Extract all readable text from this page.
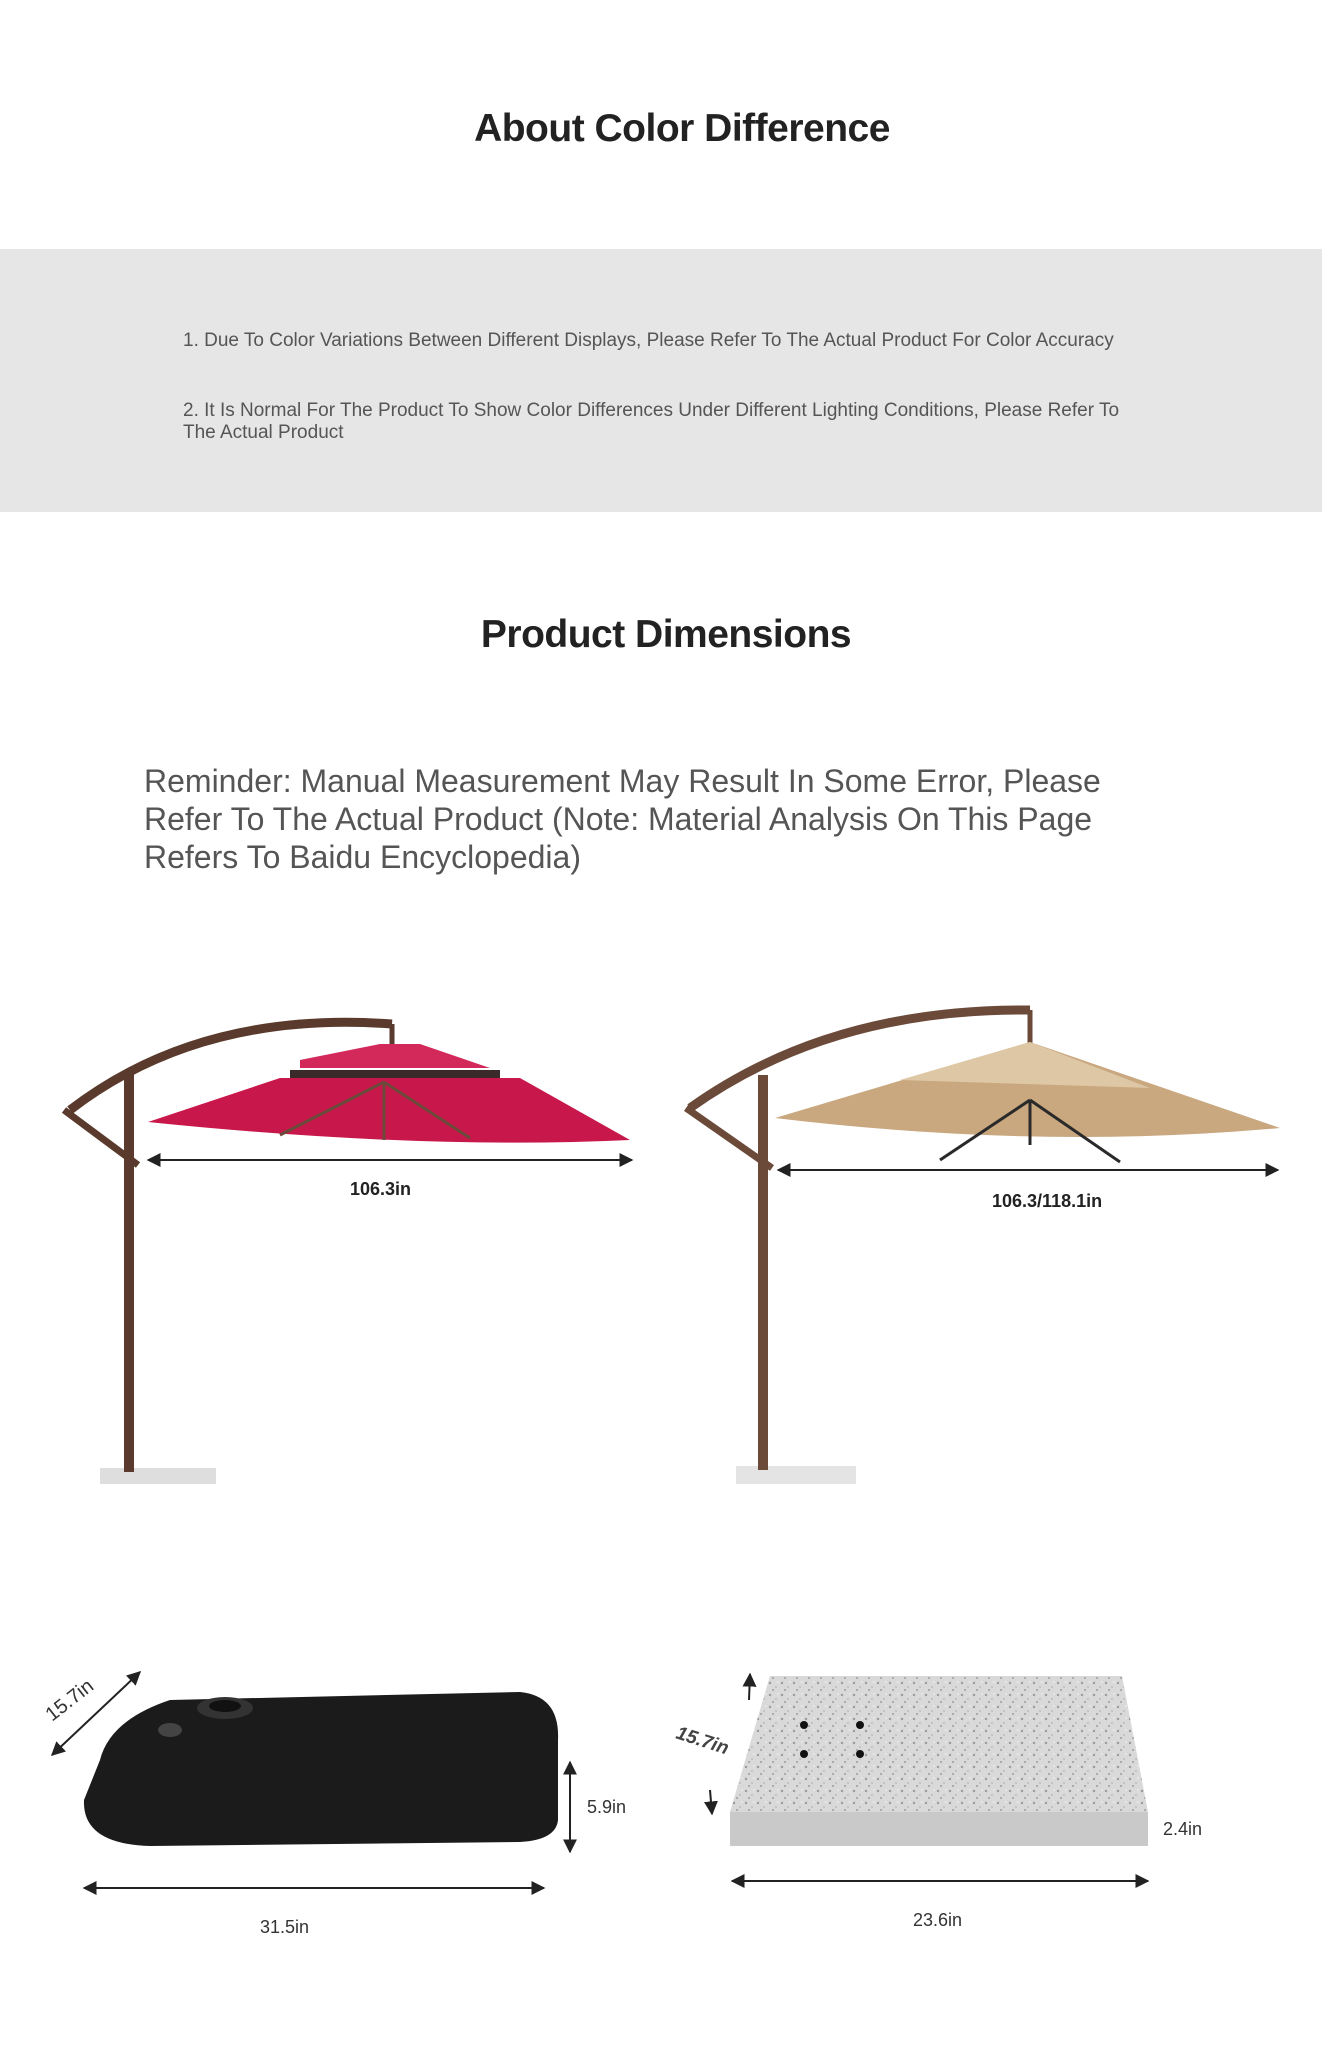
About Color Difference
1. Due To Color Variations Between Different Displays, Please Refer To The Actual Product For Color Accuracy
2. It Is Normal For The Product To Show Color Differences Under Different Lighting Conditions, Please Refer To The Actual Product
Product Dimensions
Reminder: Manual Measurement May Result In Some Error, Please Refer To The Actual Product (Note: Material Analysis On This Page Refers To Baidu Encyclopedia)
15.7in
15.7in
106.3in
106.3/118.1in
5.9in
31.5in
2.4in
23.6in
